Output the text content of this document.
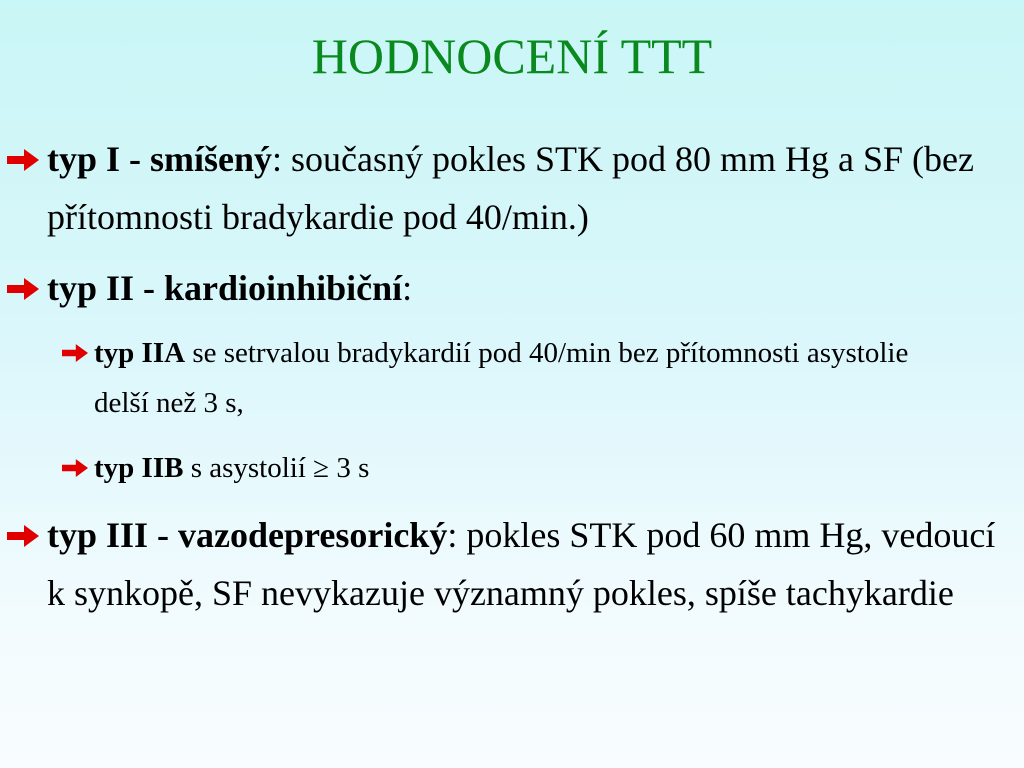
HODNOCENÍ TTT
typ I - smíšený: současný pokles STK pod 80 mm Hg a SF (bez přítomnosti bradykardie pod 40/min.)
typ II - kardioinhibiční:
typ IIA se setrvalou bradykardií pod 40/min bez přítomnosti asystolie delší než 3 s,
typ IIB s asystolií ≥ 3 s
typ III - vazodepresorický: pokles STK pod 60 mm Hg, vedoucí k synkopě, SF nevykazuje významný pokles, spíše tachykardie
